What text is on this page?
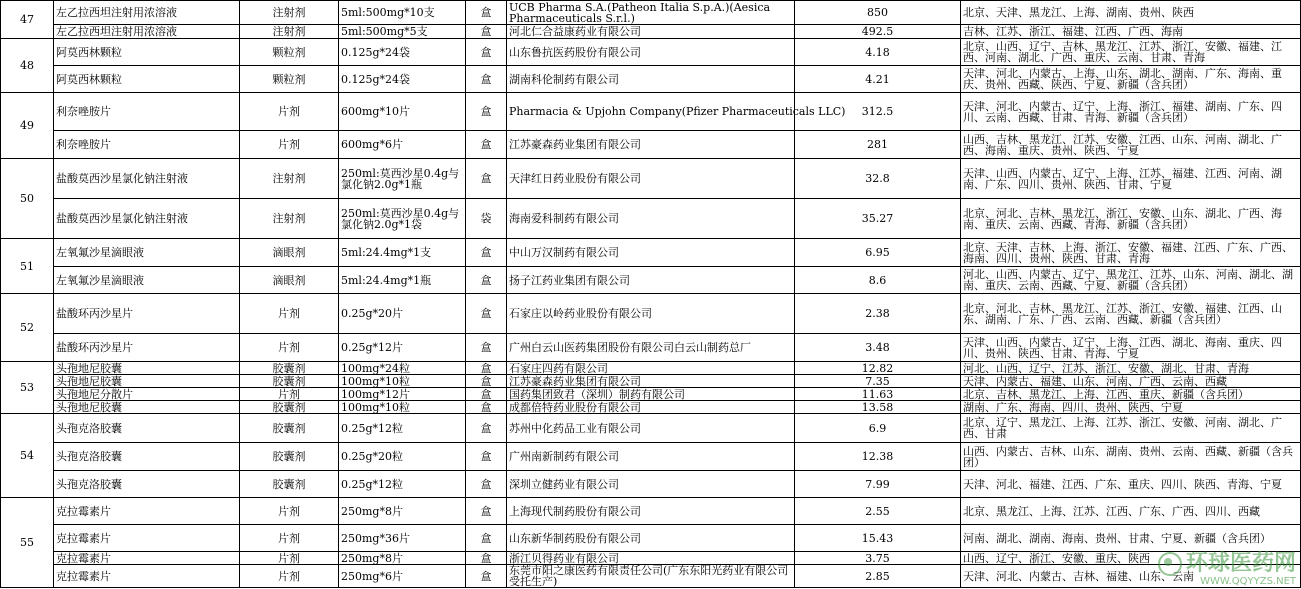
47	左乙拉西坦注射用浓溶液	注射剂	5ml:500mg*10支	盒	UCB Pharma S.A.(Patheon Italia S.p.A.)(Aesica Pharmaceuticals S.r.l.)	850	北京、天津、黑龙江、上海、湖南、贵州、陕西
	左乙拉西坦注射用浓溶液	注射剂	5ml:500mg*5支	盒	河北仁合益康药业有限公司	492.5	吉林、江苏、浙江、福建、江西、广西、海南
48	阿莫西林颗粒	颗粒剂	0.125g*24袋	盒	山东鲁抗医药股份有限公司	4.18	北京、山西、辽宁、吉林、黑龙江、江苏、浙江、安徽、福建、江西、河南、湖北、广西、重庆、云南、甘肃、青海
	阿莫西林颗粒	颗粒剂	0.125g*24袋	盒	湖南科伦制药有限公司	4.21	天津、河北、内蒙古、上海、山东、湖北、湖南、广东、海南、重庆、贵州、西藏、陕西、宁夏、新疆（含兵团）
49	利奈唑胺片	片剂	600mg*10片	盒	Pharmacia & Upjohn Company(Pfizer Pharmaceuticals LLC)	312.5	天津、河北、内蒙古、辽宁、上海、浙江、福建、湖南、广东、四川、云南、西藏、甘肃、青海、新疆（含兵团）
	利奈唑胺片	片剂	600mg*6片	盒	江苏豪森药业集团有限公司	281	山西、吉林、黑龙江、江苏、安徽、江西、山东、河南、湖北、广西、海南、重庆、贵州、陕西、宁夏
50	盐酸莫西沙星氯化钠注射液	注射剂	250ml:莫西沙星0.4g与氯化钠2.0g*1瓶	盒	天津红日药业股份有限公司	32.8	天津、山西、内蒙古、辽宁、上海、江苏、福建、江西、河南、湖南、广东、四川、贵州、陕西、甘肃、宁夏
	盐酸莫西沙星氯化钠注射液	注射剂	250ml:莫西沙星0.4g与氯化钠2.0g*1袋	袋	海南爱科制药有限公司	35.27	北京、河北、吉林、黑龙江、浙江、安徽、山东、湖北、广西、海南、重庆、云南、西藏、青海、新疆（含兵团）
51	左氧氟沙星滴眼液	滴眼剂	5ml:24.4mg*1支	盒	中山万汉制药有限公司	6.95	北京、天津、吉林、上海、浙江、安徽、福建、江西、广东、广西、海南、四川、贵州、陕西、甘肃、青海
	左氧氟沙星滴眼液	滴眼剂	5ml:24.4mg*1瓶	盒	扬子江药业集团有限公司	8.6	河北、山西、内蒙古、辽宁、黑龙江、江苏、山东、河南、湖北、湖南、重庆、云南、西藏、宁夏、新疆（含兵团）
52	盐酸环丙沙星片	片剂	0.25g*20片	盒	石家庄以岭药业股份有限公司	2.38	北京、河北、吉林、黑龙江、江苏、浙江、安徽、福建、江西、山东、湖南、广东、广西、云南、西藏、新疆（含兵团）
	盐酸环丙沙星片	片剂	0.25g*12片	盒	广州白云山医药集团股份有限公司白云山制药总厂	3.48	天津、山西、内蒙古、辽宁、上海、江西、湖北、海南、重庆、四川、贵州、陕西、甘肃、青海、宁夏
53	头孢地尼胶囊	胶囊剂	100mg*24粒	盒	石家庄四药有限公司	12.82	河北、山西、辽宁、江苏、浙江、安徽、湖北、甘肃、青海
	头孢地尼胶囊	胶囊剂	100mg*10粒	盒	江苏豪森药业集团有限公司	7.35	天津、内蒙古、福建、山东、河南、广西、云南、西藏
	头孢地尼分散片	片剂	100mg*12片	盒	国药集团致君（深圳）制药有限公司	11.63	北京、吉林、黑龙江、上海、江西、重庆、新疆（含兵团）
	头孢地尼胶囊	胶囊剂	100mg*10粒	盒	成都倍特药业股份有限公司	13.58	湖南、广东、海南、四川、贵州、陕西、宁夏
54	头孢克洛胶囊	胶囊剂	0.25g*12粒	盒	苏州中化药品工业有限公司	6.9	北京、辽宁、黑龙江、上海、江苏、浙江、安徽、河南、湖北、广西、甘肃
	头孢克洛胶囊	胶囊剂	0.25g*20粒	盒	广州南新制药有限公司	12.38	山西、内蒙古、吉林、山东、湖南、贵州、云南、西藏、新疆（含兵团）
	头孢克洛胶囊	胶囊剂	0.25g*12粒	盒	深圳立健药业有限公司	7.99	天津、河北、福建、江西、广东、重庆、四川、陕西、青海、宁夏
55	克拉霉素片	片剂	250mg*8片	盒	上海现代制药股份有限公司	2.55	北京、黑龙江、上海、江苏、江西、广东、广西、四川、西藏
	克拉霉素片	片剂	250mg*36片	盒	山东新华制药股份有限公司	15.43	河南、湖北、湖南、海南、贵州、甘肃、宁夏、新疆（含兵团）
	克拉霉素片	片剂	250mg*8片	盒	浙江贝得药业有限公司	3.75	山西、辽宁、浙江、安徽、重庆、陕西
	克拉霉素片	片剂	250mg*6片	盒	东莞市阳之康医药有限责任公司(广东东阳光药业有限公司受托生产)	2.85	天津、河北、内蒙古、吉林、福建、山东、云南
环球医药网
WWW.QQYYZS.NET
